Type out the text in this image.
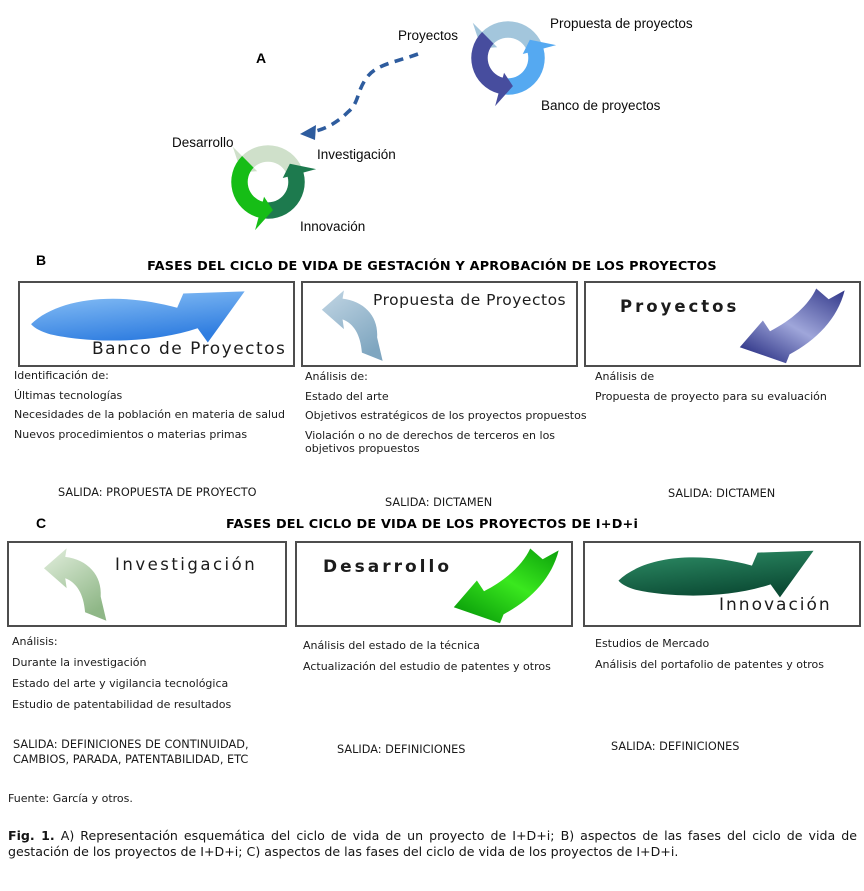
A
Proyectos
Propuesta de proyectos
Banco de proyectos
Desarrollo
Investigación
Innovación
B	FASES DEL CICLO DE VIDA DE GESTACIÓN Y APROBACIÓN DE LOS PROYECTOS
Banco de Proyectos
Propuesta de Proyectos	Proyectos

Identificación de:

Últimas tecnologías

Necesidades de la población en materia de salud

Nuevos procedimientos o materias primas

Análisis de:

Estado del arte

Objetivos estratégicos de los proyectos propuestos

Violación o no de derechos de terceros en los objetivos propuestos

Análisis de

Propuesta de proyecto para su evaluación

SALIDA: PROPUESTA DE PROYECTO
SALIDA: DICTAMEN
SALIDA: DICTAMEN
C	FASES DEL CICLO DE VIDA DE LOS PROYECTOS DE I+D+i
Investigación	Desarrollo
Innovación

Análisis:

Durante la investigación

Estado del arte y vigilancia tecnológica

Estudio de patentabilidad de resultados

Análisis del estado de la técnica

Actualización del estudio de patentes y otros

Estudios de Mercado

Análisis del portafolio de patentes y otros

SALIDA: DEFINICIONES DE CONTINUIDAD, CAMBIOS, PARADA, PATENTABILIDAD, ETC
SALIDA: DEFINICIONES	SALIDA: DEFINICIONES
Fuente: García y otros.
Fig. 1. A) Representación esquemática del ciclo de vida de un proyecto de I+D+i; B) aspectos de las fases del ciclo de vida de gestación de los proyectos de I+D+i; C) aspectos de las fases del ciclo de vida de los proyectos de I+D+i.
